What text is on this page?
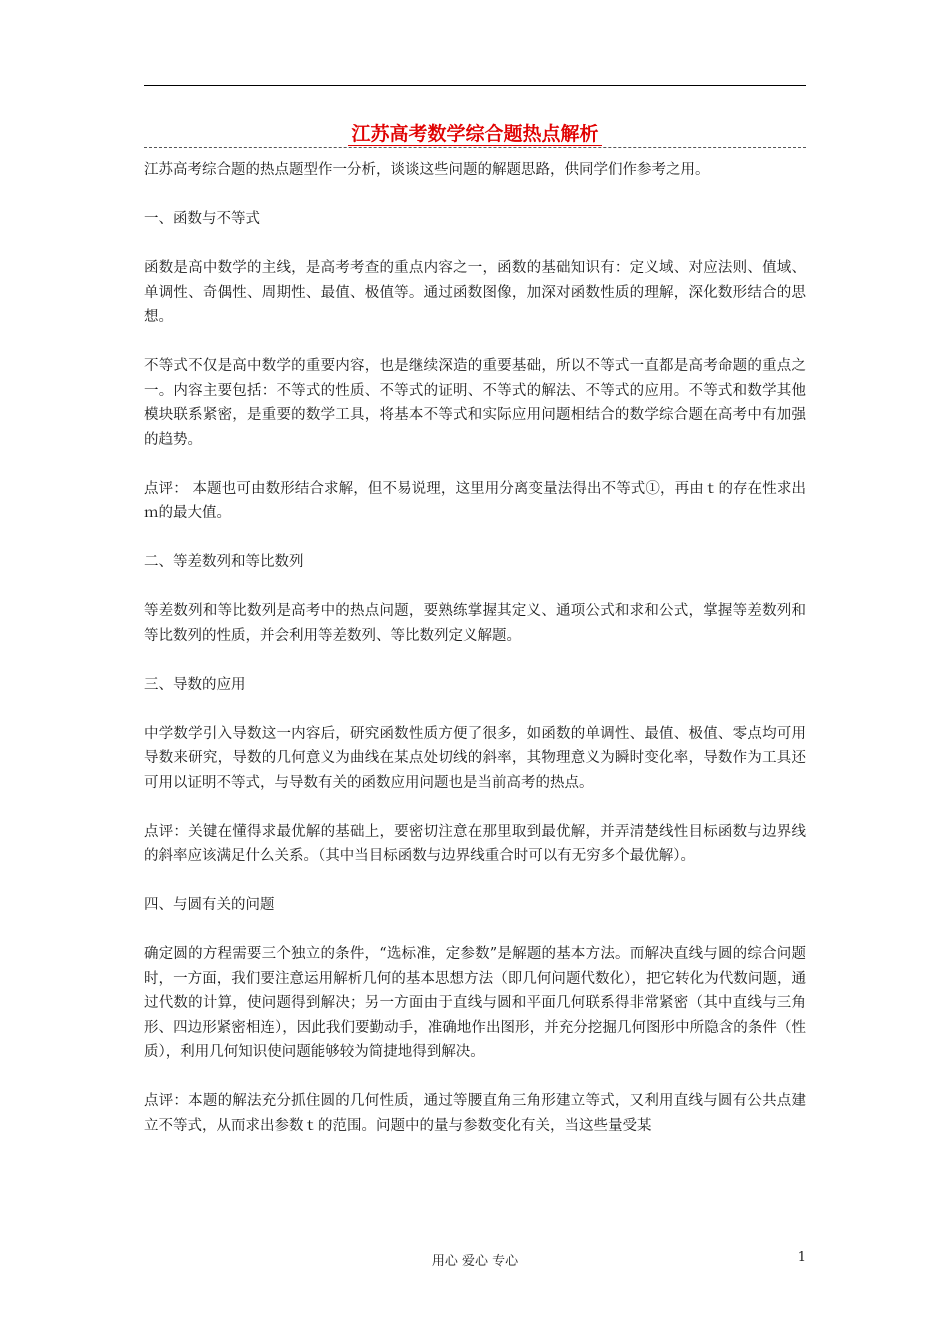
江苏高考数学综合题热点解析

江苏高考综合题的热点题型作一分析，谈谈这些问题的解题思路，供同学们作参考之用。

一、函数与不等式

函数是高中数学的主线，是高考考查的重点内容之一，函数的基础知识有：定义域、对应法则、值域、单调性、奇偶性、周期性、最值、极值等。通过函数图像，加深对函数性质的理解，深化数形结合的思想。

不等式不仅是高中数学的重要内容，也是继续深造的重要基础，所以不等式一直都是高考命题的重点之一。内容主要包括：不等式的性质、不等式的证明、不等式的解法、不等式的应用。不等式和数学其他模块联系紧密，是重要的数学工具，将基本不等式和实际应用问题相结合的数学综合题在高考中有加强的趋势。

点评： 本题也可由数形结合求解，但不易说理，这里用分离变量法得出不等式①，再由ｔ的存在性求出ｍ的最大值。

二、等差数列和等比数列

等差数列和等比数列是高考中的热点问题，要熟练掌握其定义、通项公式和求和公式，掌握等差数列和等比数列的性质，并会利用等差数列、等比数列定义解题。

三、导数的应用

中学数学引入导数这一内容后，研究函数性质方便了很多，如函数的单调性、最值、极值、零点均可用导数来研究，导数的几何意义为曲线在某点处切线的斜率，其物理意义为瞬时变化率，导数作为工具还可用以证明不等式，与导数有关的函数应用问题也是当前高考的热点。

点评：关键在懂得求最优解的基础上，要密切注意在那里取到最优解，并弄清楚线性目标函数与边界线的斜率应该满足什么关系。（其中当目标函数与边界线重合时可以有无穷多个最优解）。

四、与圆有关的问题

确定圆的方程需要三个独立的条件，“选标准，定参数”是解题的基本方法。而解决直线与圆的综合问题时，一方面，我们要注意运用解析几何的基本思想方法（即几何问题代数化），把它转化为代数问题，通过代数的计算，使问题得到解决；另一方面由于直线与圆和平面几何联系得非常紧密（其中直线与三角形、四边形紧密相连），因此我们要勤动手，准确地作出图形，并充分挖掘几何图形中所隐含的条件（性质），利用几何知识使问题能够较为简捷地得到解决。

点评：本题的解法充分抓住圆的几何性质，通过等腰直角三角形建立等式，又利用直线与圆有公共点建立不等式，从而求出参数ｔ的范围。问题中的量与参数变化有关，当这些量受某

用心 爱心 专心	1
